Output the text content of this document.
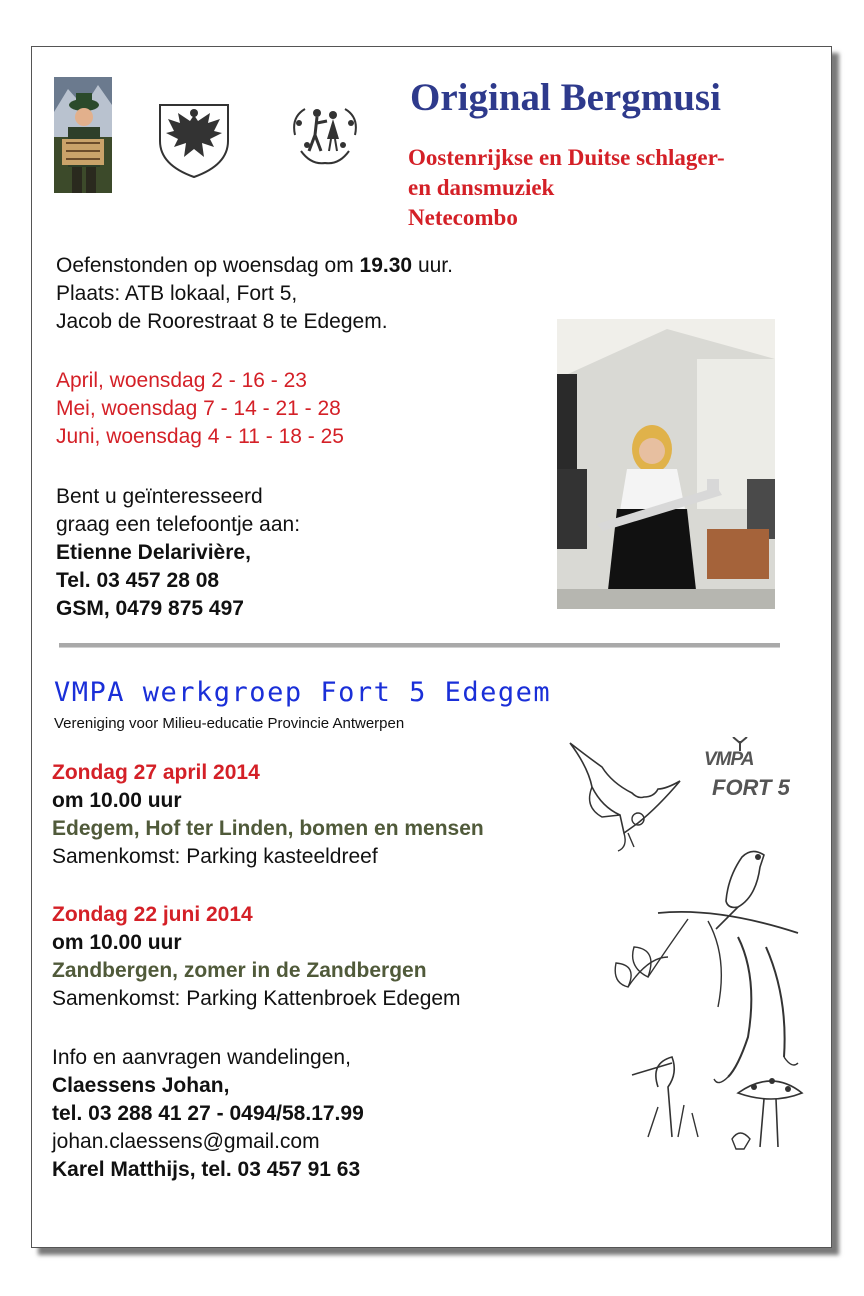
Original Bergmusi
Oostenrijkse en Duitse schlager-
en dansmuziek
Netecombo
Oefenstonden op woensdag om 19.30 uur.
Plaats: ATB lokaal, Fort 5,
Jacob de Roorestraat 8 te Edegem.
April, woensdag 2 - 16 - 23
Mei, woensdag 7 - 14 - 21 - 28
Juni, woensdag 4 - 11 - 18 - 25
Bent u geïnteresseerd
graag een telefoontje aan:
Etienne Delarivière,
Tel. 03 457 28 08
GSM, 0479 875 497
VMPA werkgroep Fort 5 Edegem
Vereniging voor Milieu-educatie Provincie Antwerpen
Zondag 27 april 2014
om 10.00 uur
Edegem, Hof ter Linden, bomen en mensen
Samenkomst: Parking kasteeldreef
Zondag 22 juni 2014
om 10.00 uur
Zandbergen, zomer in de Zandbergen
Samenkomst: Parking Kattenbroek Edegem
Info en aanvragen wandelingen,
Claessens Johan,
tel. 03 288 41 27 - 0494/58.17.99
johan.claessens@gmail.com
Karel Matthijs, tel. 03 457 91 63
VMPA
FORT 5
